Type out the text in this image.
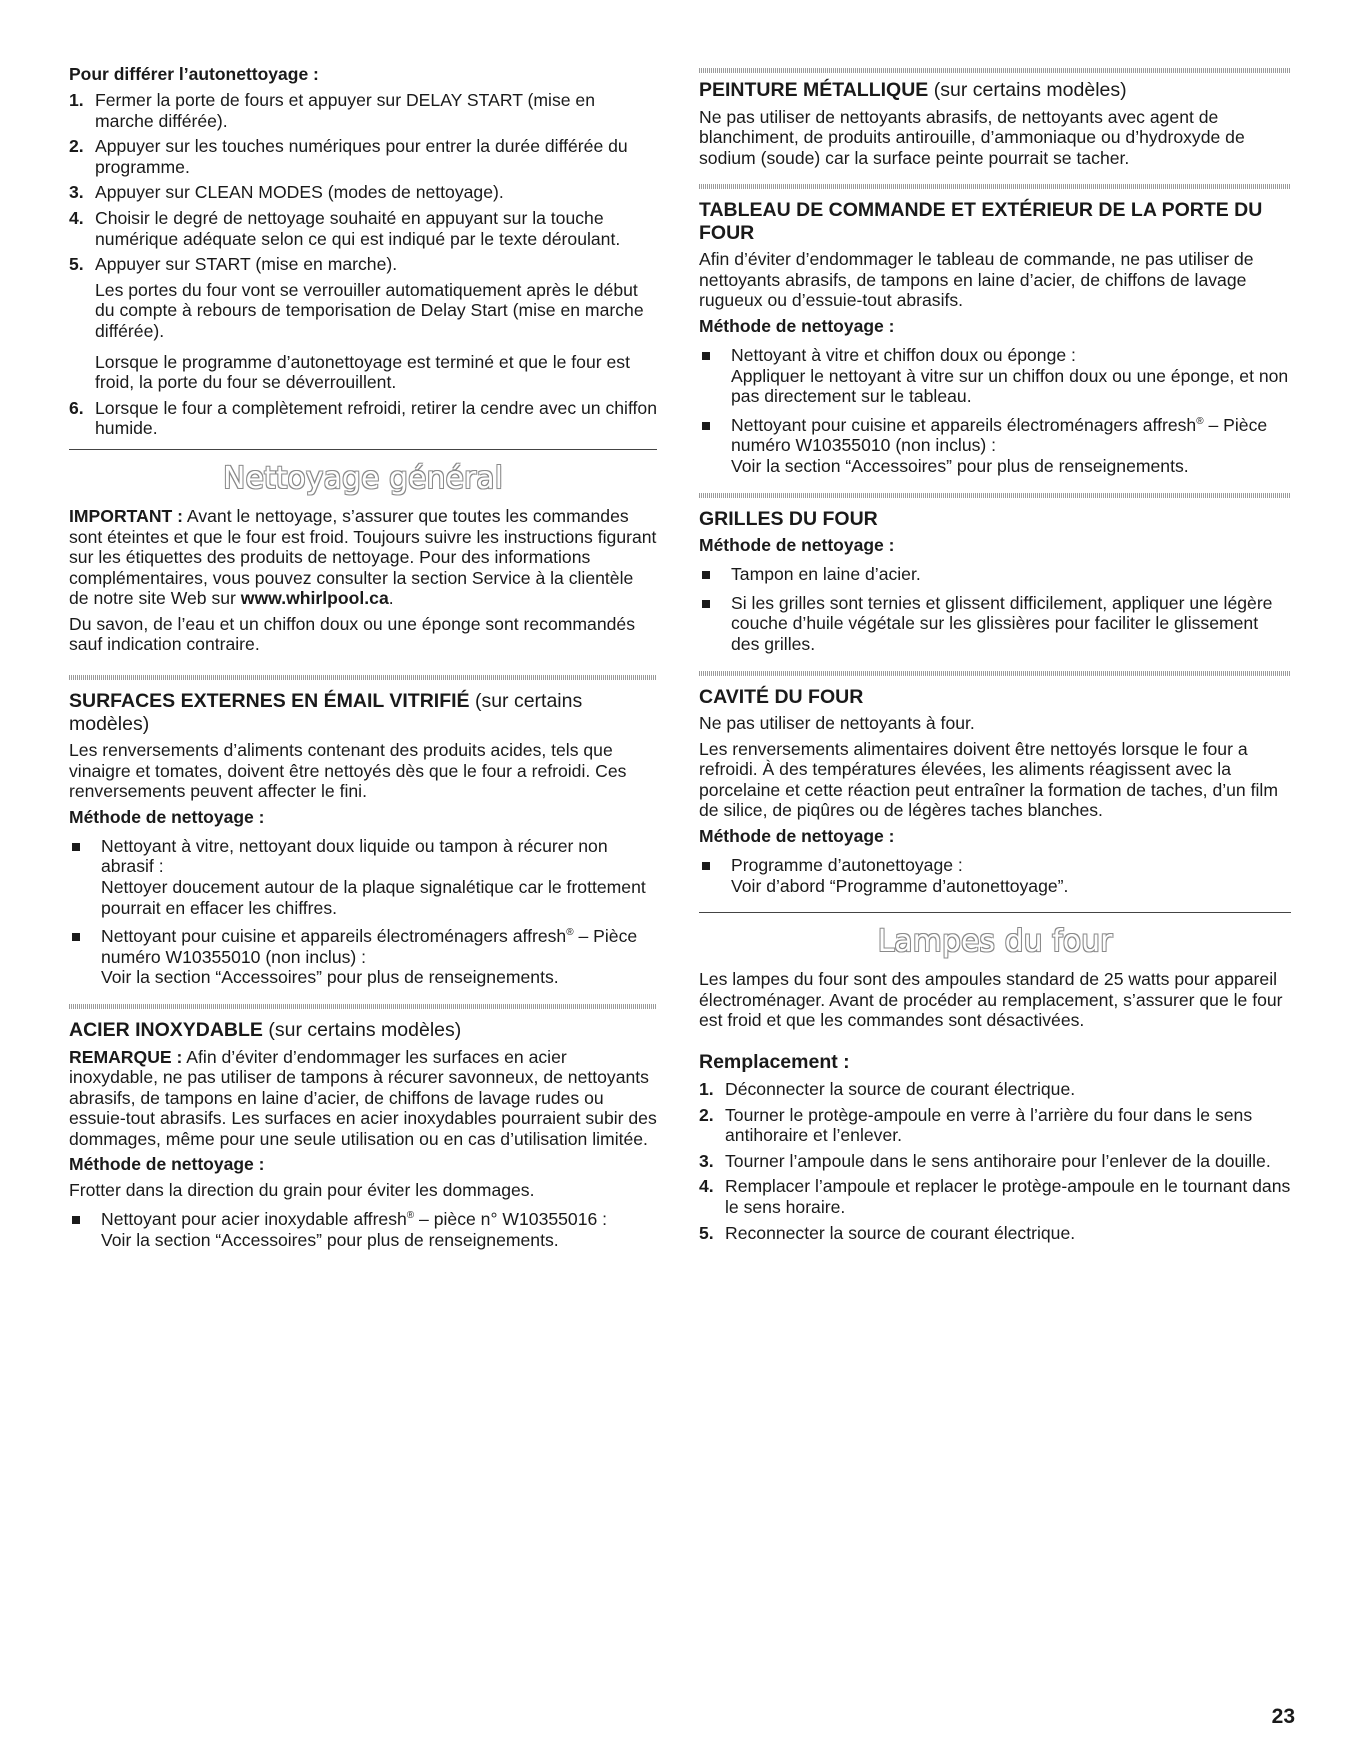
Pour différer l’autonettoyage :
1. Fermer la porte de fours et appuyer sur DELAY START (mise en marche différée).
2. Appuyer sur les touches numériques pour entrer la durée différée du programme.
3. Appuyer sur CLEAN MODES (modes de nettoyage).
4. Choisir le degré de nettoyage souhaité en appuyant sur la touche numérique adéquate selon ce qui est indiqué par le texte déroulant.
5. Appuyer sur START (mise en marche).

Les portes du four vont se verrouiller automatiquement après le début du compte à rebours de temporisation de Delay Start (mise en marche différée).

Lorsque le programme d’autonettoyage est terminé et que le four est froid, la porte du four se déverrouillent.

6. Lorsque le four a complètement refroidi, retirer la cendre avec un chiffon humide.
Nettoyage général

IMPORTANT : Avant le nettoyage, s’assurer que toutes les commandes sont éteintes et que le four est froid. Toujours suivre les instructions figurant sur les étiquettes des produits de nettoyage. Pour des informations complémentaires, vous pouvez consulter la section Service à la clientèle de notre site Web sur www.whirlpool.ca.

Du savon, de l’eau et un chiffon doux ou une éponge sont recommandés sauf indication contraire.

SURFACES EXTERNES EN ÉMAIL VITRIFIÉ (sur certains modèles)

Les renversements d’aliments contenant des produits acides, tels que vinaigre et tomates, doivent être nettoyés dès que le four a refroidi. Ces renversements peuvent affecter le fini.

Méthode de nettoyage :
Nettoyant à vitre, nettoyant doux liquide ou tampon à récurer non abrasif :
Nettoyer doucement autour de la plaque signalétique car le frottement pourrait en effacer les chiffres.
Nettoyant pour cuisine et appareils électroménagers affresh® – Pièce numéro W10355010 (non inclus) :
Voir la section “Accessoires” pour plus de renseignements.
ACIER INOXYDABLE (sur certains modèles)

REMARQUE : Afin d’éviter d’endommager les surfaces en acier inoxydable, ne pas utiliser de tampons à récurer savonneux, de nettoyants abrasifs, de tampons en laine d’acier, de chiffons de lavage rudes ou essuie-tout abrasifs. Les surfaces en acier inoxydables pourraient subir des dommages, même pour une seule utilisation ou en cas d’utilisation limitée.

Méthode de nettoyage :

Frotter dans la direction du grain pour éviter les dommages.

Nettoyant pour acier inoxydable affresh® – pièce n° W10355016 :
Voir la section “Accessoires” pour plus de renseignements.
PEINTURE MÉTALLIQUE (sur certains modèles)

Ne pas utiliser de nettoyants abrasifs, de nettoyants avec agent de blanchiment, de produits antirouille, d’ammoniaque ou d’hydroxyde de sodium (soude) car la surface peinte pourrait se tacher.

TABLEAU DE COMMANDE ET EXTÉRIEUR DE LA PORTE DU FOUR

Afin d’éviter d’endommager le tableau de commande, ne pas utiliser de nettoyants abrasifs, de tampons en laine d’acier, de chiffons de lavage rugueux ou d’essuie-tout abrasifs.

Méthode de nettoyage :
Nettoyant à vitre et chiffon doux ou éponge :
Appliquer le nettoyant à vitre sur un chiffon doux ou une éponge, et non pas directement sur le tableau.
Nettoyant pour cuisine et appareils électroménagers affresh® – Pièce numéro W10355010 (non inclus) :
Voir la section “Accessoires” pour plus de renseignements.
GRILLES DU FOUR
Méthode de nettoyage :
Tampon en laine d’acier.
Si les grilles sont ternies et glissent difficilement, appliquer une légère couche d’huile végétale sur les glissières pour faciliter le glissement des grilles.
CAVITÉ DU FOUR

Ne pas utiliser de nettoyants à four.

Les renversements alimentaires doivent être nettoyés lorsque le four a refroidi. À des températures élevées, les aliments réagissent avec la porcelaine et cette réaction peut entraîner la formation de taches, d’un film de silice, de piqûres ou de légères taches blanches.

Méthode de nettoyage :
Programme d’autonettoyage :
Voir d’abord “Programme d’autonettoyage”.
Lampes du four

Les lampes du four sont des ampoules standard de 25 watts pour appareil électroménager. Avant de procéder au remplacement, s’assurer que le four est froid et que les commandes sont désactivées.

Remplacement :
1. Déconnecter la source de courant électrique.
2. Tourner le protège-ampoule en verre à l’arrière du four dans le sens antihoraire et l’enlever.
3. Tourner l’ampoule dans le sens antihoraire pour l’enlever de la douille.
4. Remplacer l’ampoule et replacer le protège-ampoule en le tournant dans le sens horaire.
5. Reconnecter la source de courant électrique.
23
